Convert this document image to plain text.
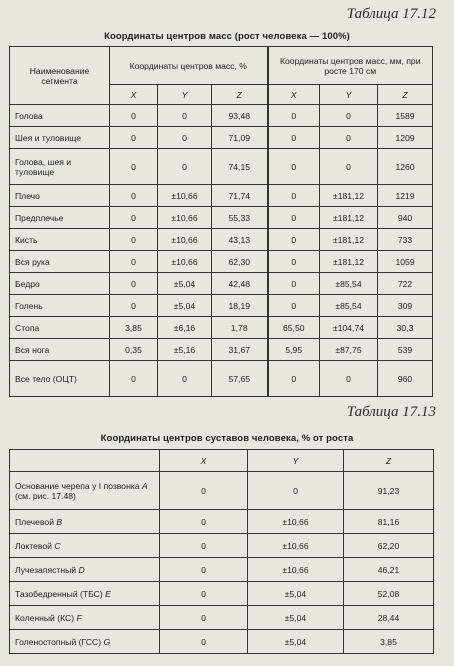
Таблица 17.12
Координаты центров масс (рост человека — 100%)
Наименование сегмента	Координаты центров масс, %			Координаты центров масс, мм, при росте 170 см		
	X	Y	Z	X	Y	Z
Голова	0	0	93,48	0	0	1589
Шея и туловище	0	0	71,09	0	0	1209
Голова, шея и туловище	0	0	74,15	0	0	1260
Плечо	0	±10,66	71,74	0	±181,12	1219
Предплечье	0	±10,66	55,33	0	±181,12	940
Кисть	0	±10,66	43,13	0	±181,12	733
Вся рука	0	±10,66	62,30	0	±181,12	1059
Бедро	0	±5,04	42,48	0	±85,54	722
Голень	0	±5,04	18,19	0	±85,54	309
Стопа	3,85	±6,16	1,78	65,50	±104,74	30,3
Вся нога	0,35	±5,16	31,67	5,95	±87,75	539
Все тело (ОЦТ)	0	0	57,65	0	0	960
Таблица 17.13
Координаты центров суставов человека, % от роста
	X	Y	Z
Основание черепа у I позвонка A (см. рис. 17.48)	0	0	91,23
Плечевой B	0	±10,66	81,16
Локтевой C	0	±10,66	62,20
Лучезапястный D	0	±10,66	46,21
Тазобедренный (ТБС) E	0	±5,04	52,08
Коленный (КС) F	0	±5,04	28,44
Голеностопный (ГСС) G	0	±5,04	3,85
